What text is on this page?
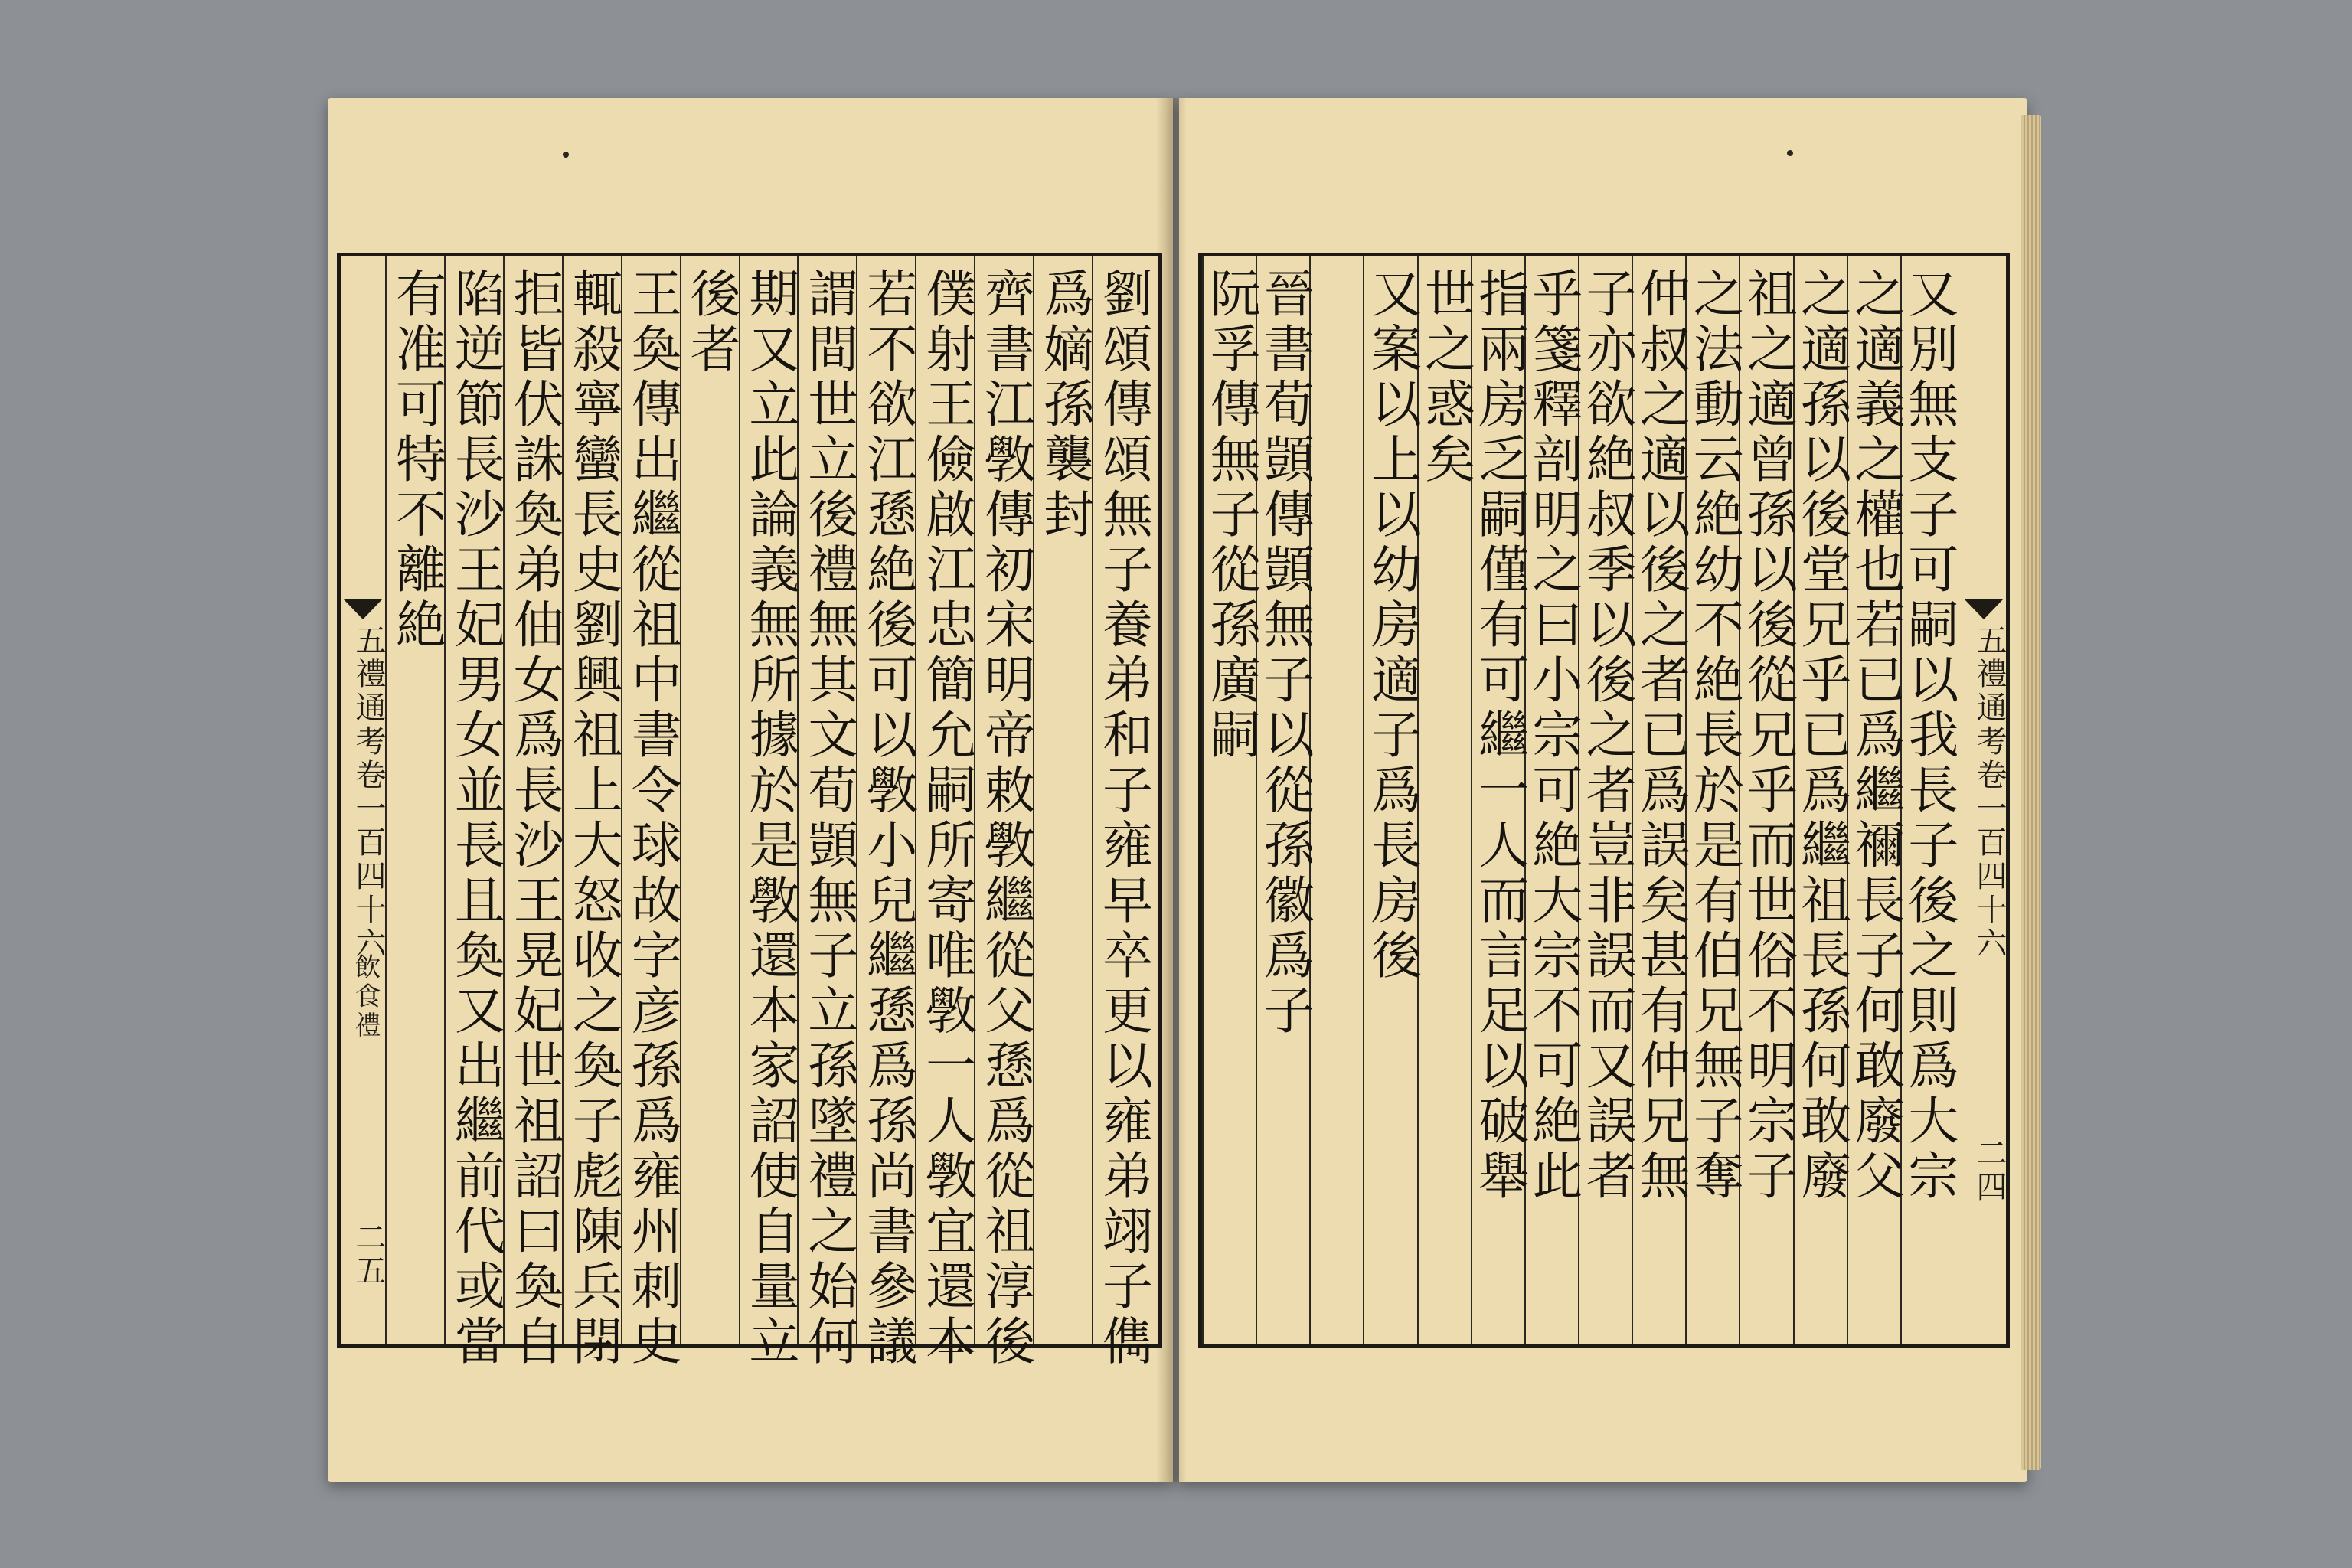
五禮通考卷一百四十六
飲食禮
二五	劉頌傳頌無子養弟和子雍早卒更以雍弟翊子儁
爲嫡孫襲封
齊書江斆傳初宋明帝敕斆繼從父愻爲從祖淳後
僕射王儉啟江忠簡允嗣所寄唯斆一人斆宜還本
若不欲江愻絶後可以斆小兒繼愻爲孫尚書參議
謂間世立後禮無其文荀顗無子立孫墜禮之始何
期又立此論義無所據於是斆還本家詔使自量立
後者
王奐傳出繼從祖中書令球故字彦孫爲雍州刺史
輒殺寧蠻長史劉興祖上大怒收之奐子彪陳兵閉
拒皆伏誅奐弟伷女爲長沙王晃妃世祖詔曰奐自
陷逆節長沙王妃男女並長且奐又出繼前代或當
有准可特不離絶
五禮通考卷一百四十六
二四
又別無支子可嗣以我長子後之則爲大宗
之適義之權也若已爲繼禰長子何敢廢父
之適孫以後堂兄乎已爲繼祖長孫何敢廢
祖之適曾孫以後從兄乎而世俗不明宗子
之法動云絶幼不絶長於是有伯兄無子奪
仲叔之適以後之者已爲誤矣甚有仲兄無
子亦欲絶叔季以後之者豈非誤而又誤者
乎箋釋剖明之曰小宗可絶大宗不可絶此
指兩房乏嗣僅有可繼一人而言足以破舉
世之惑矣
又案以上以幼房適子爲長房後
晉書荀顗傳顗無子以從孫徽爲子
阮孚傳無子從孫廣嗣
